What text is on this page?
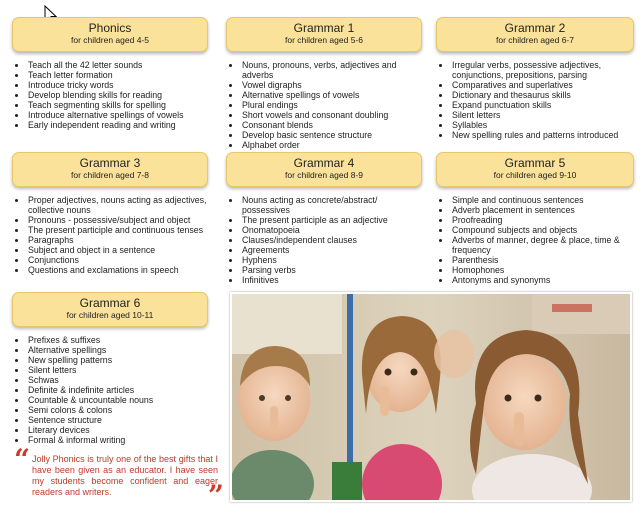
Phonics
for children aged 4-5
Teach all the 42 letter sounds
Teach letter formation
Introduce tricky words
Develop blending skills for reading
Teach segmenting skills for spelling
Introduce alternative spellings of vowels
Early independent reading and writing
Grammar 1
for children aged 5-6
Nouns, pronouns, verbs, adjectives and adverbs
Vowel digraphs
Alternative spellings of vowels
Plural endings
Short vowels and consonant doubling
Consonant blends
Develop basic sentence structure
Alphabet order
Grammar 2
for children aged 6-7
Irregular verbs, possessive adjectives, conjunctions, prepositions, parsing
Comparatives and superlatives
Dictionary and thesaurus skills
Expand punctuation skills
Silent letters
Syllables
New spelling rules and patterns introduced
Grammar 3
for children aged 7-8
Proper adjectives, nouns acting as adjectives, collective nouns
Pronouns - possessive/subject and object
The present participle and continuous tenses
Paragraphs
Subject and object in a sentence
Conjunctions
Questions and exclamations in speech
Grammar 4
for children aged 8-9
Nouns acting as concrete/abstract/ possessives
The present participle as an adjective
Onomatopoeia
Clauses/independent clauses
Agreements
Hyphens
Parsing verbs
Infinitives
Grammar 5
for children aged 9-10
Simple and continuous sentences
Adverb placement in sentences
Proofreading
Compound subjects and objects
Adverbs of manner, degree & place, time & frequency
Parenthesis
Homophones
Antonyms and synonyms
Grammar 6
for children aged 10-11
Prefixes & suffixes
Alternative spellings
New spelling patterns
Silent letters
Schwas
Definite & indefinite articles
Countable & uncountable nouns
Semi colons & colons
Sentence structure
Literary devices
Formal & informal writing
“ Jolly Phonics is truly one of the best gifts that I have been given as an educator. I have seen my students become confident and eager readers and writers.	”
